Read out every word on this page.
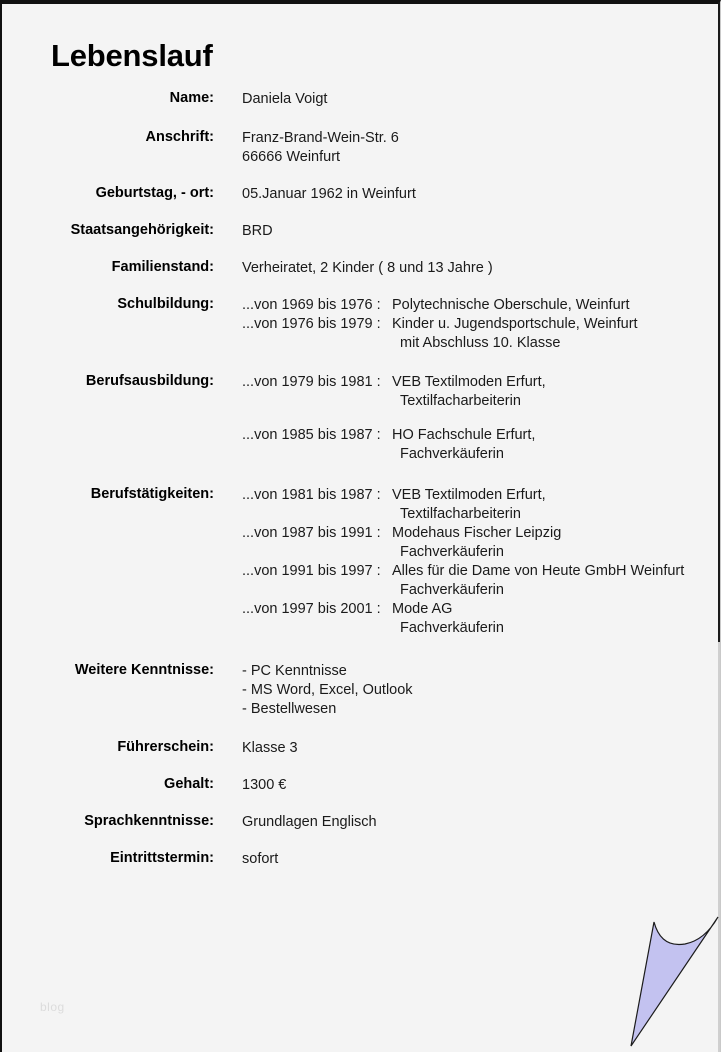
Lebenslauf
Name: Daniela Voigt
Anschrift: Franz-Brand-Wein-Str. 6
66666 Weinfurt
Geburtstag, - ort: 05.Januar 1962 in Weinfurt
Staatsangehörigkeit: BRD
Familienstand: Verheiratet, 2 Kinder ( 8 und 13 Jahre )
Schulbildung: ...von 1969 bis 1976 : Polytechnische Oberschule, Weinfurt
...von 1976 bis 1979 : Kinder u. Jugendsportschule, Weinfurt
mit Abschluss 10. Klasse
Berufsausbildung: ...von 1979 bis 1981 : VEB Textilmoden Erfurt,
Textilfacharbeiterin
...von 1985 bis 1987 : HO Fachschule Erfurt,
Fachverkäuferin
Berufstätigkeiten: ...von 1981 bis 1987 : VEB Textilmoden Erfurt,
Textilfacharbeiterin
...von 1987 bis 1991 : Modehaus Fischer Leipzig
Fachverkäuferin
...von 1991 bis 1997 : Alles für die Dame von Heute GmbH Weinfurt
Fachverkäuferin
...von 1997 bis 2001 : Mode AG
Fachverkäuferin
Weitere Kenntnisse: - PC Kenntnisse
- MS Word, Excel, Outlook
- Bestellwesen
Führerschein: Klasse 3
Gehalt: 1300 €
Sprachkenntnisse: Grundlagen Englisch
Eintrittstermin: sofort
blog
